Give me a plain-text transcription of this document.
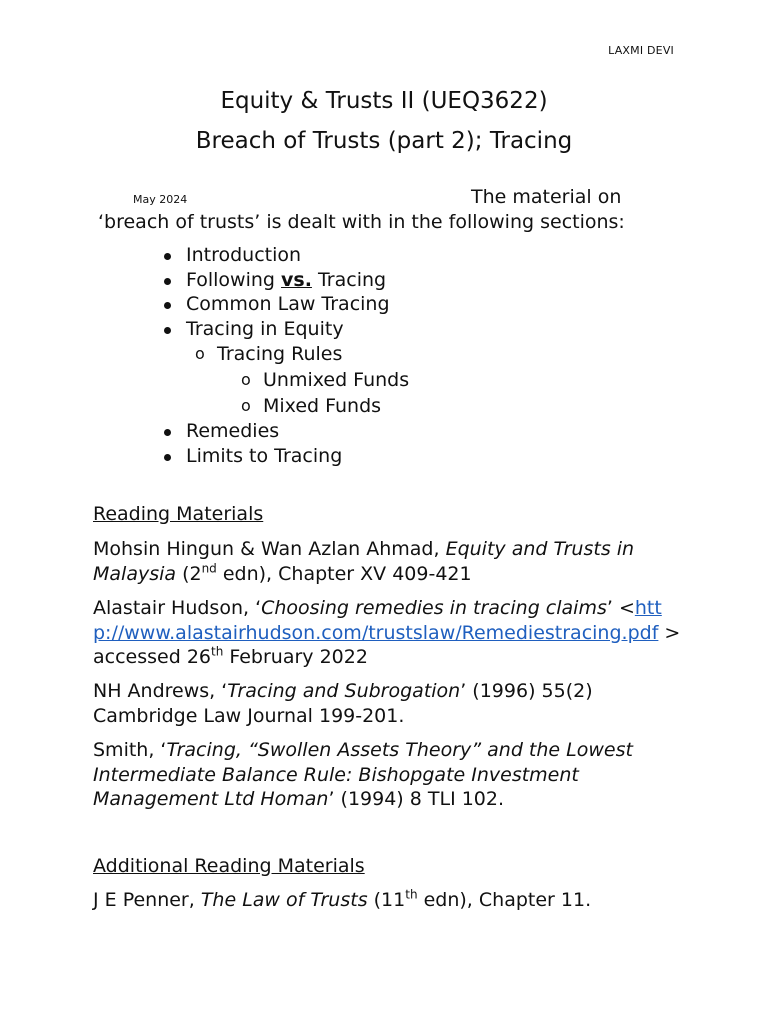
LAXMI DEVI
Equity & Trusts II (UEQ3622)
Breach of Trusts (part 2); Tracing
May 2024	The material on
‘breach of trusts’ is dealt with in the following sections:
Introduction
Following vs. Tracing
Common Law Tracing
Tracing in Equity
o Tracing Rules
o Unmixed Funds
o Mixed Funds
Remedies
Limits to Tracing
Reading Materials
Mohsin Hingun & Wan Azlan Ahmad, Equity and Trusts in Malaysia (2nd edn), Chapter XV 409-421
Alastair Hudson, ‘Choosing remedies in tracing claims’ <http://www.alastairhudson.com/trustslaw/Remediestracing.pdf > accessed 26th February 2022
NH Andrews, ‘Tracing and Subrogation’ (1996) 55(2) Cambridge Law Journal 199-201.
Smith, ‘Tracing, “Swollen Assets Theory” and the Lowest Intermediate Balance Rule: Bishopgate Investment Management Ltd Homan’ (1994) 8 TLI 102.
Additional Reading Materials
J E Penner, The Law of Trusts (11th edn), Chapter 11.
